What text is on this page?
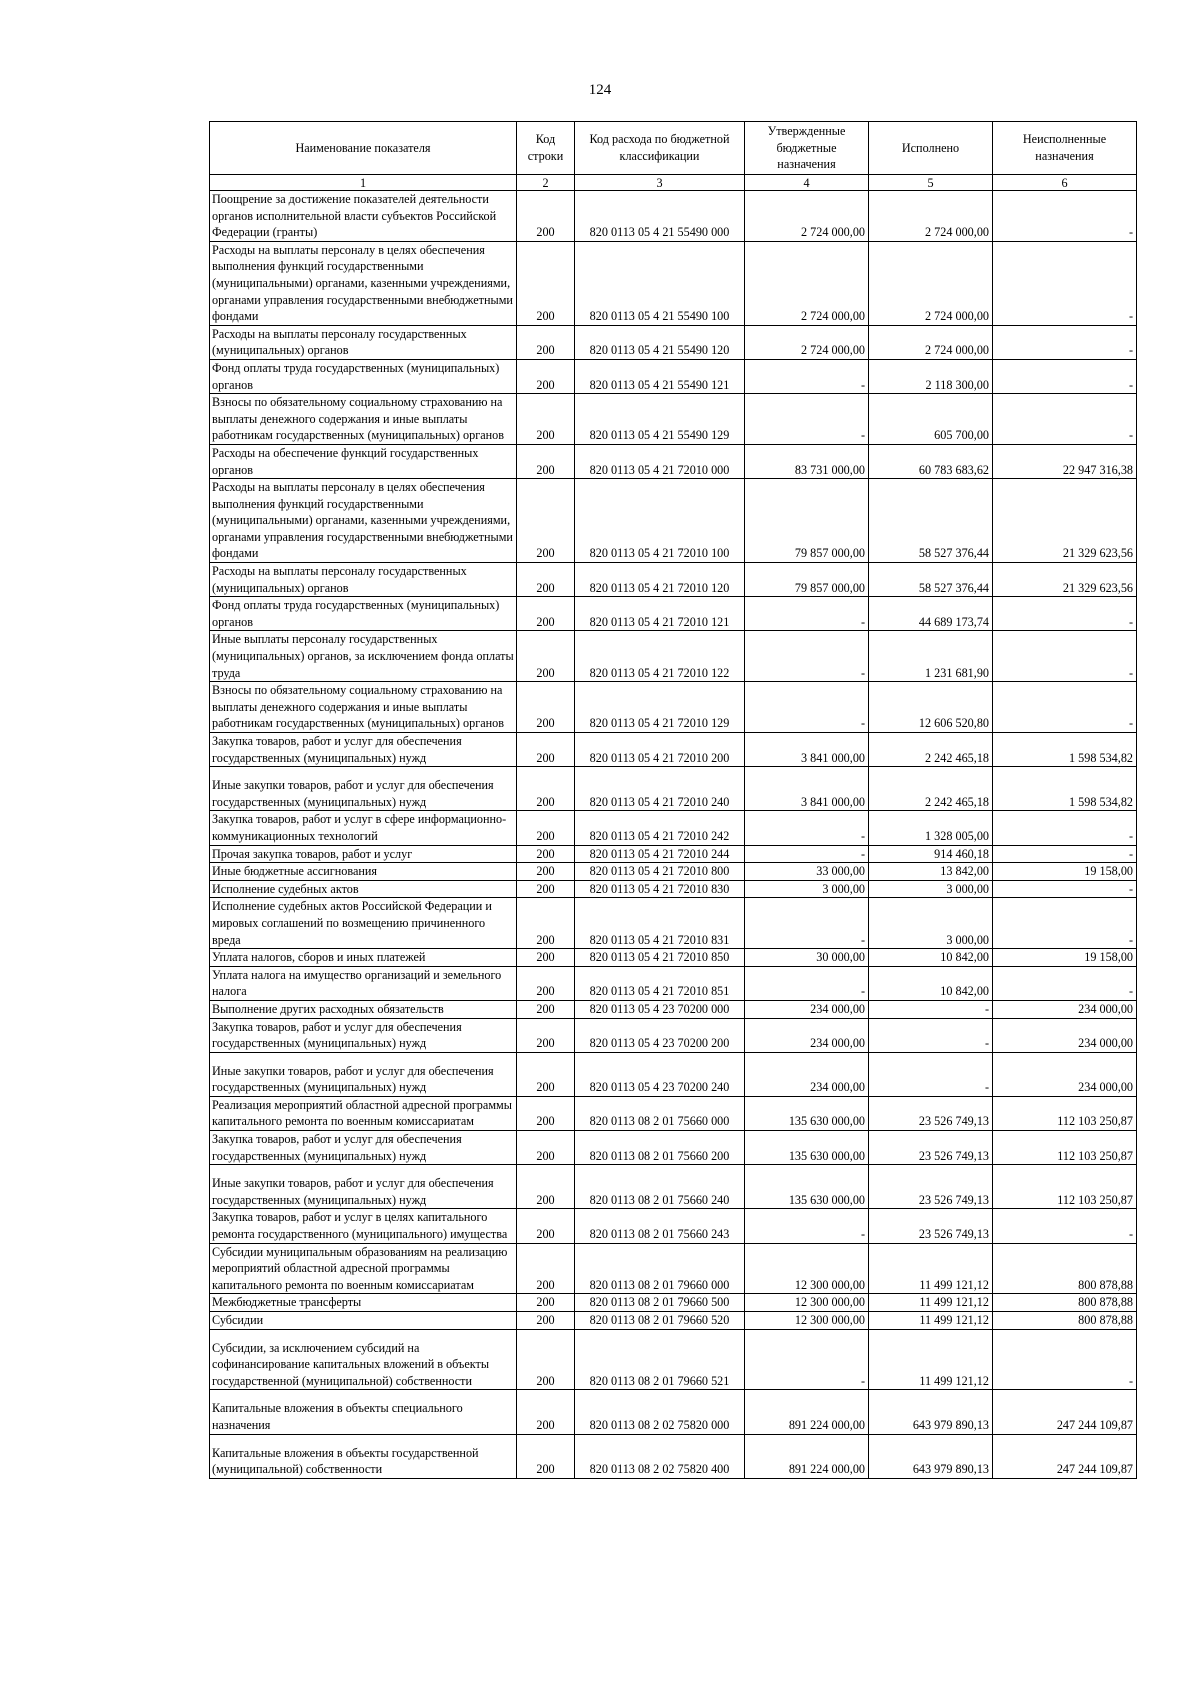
124
Наименование показателя	Код строки	Код расхода по бюджетной классификации	Утвержденные бюджетные назначения	Исполнено	Неисполненные назначения
1	2	3	4	5	6
Поощрение за достижение показателей деятельности органов исполнительной власти субъектов Российской Федерации (гранты)	200	820 0113 05 4 21 55490 000	2 724 000,00	2 724 000,00	-
Расходы на выплаты персоналу в целях обеспечения выполнения функций государственными (муниципальными) органами, казенными учреждениями, органами управления государственными внебюджетными фондами	200	820 0113 05 4 21 55490 100	2 724 000,00	2 724 000,00	-
Расходы на выплаты персоналу государственных (муниципальных) органов	200	820 0113 05 4 21 55490 120	2 724 000,00	2 724 000,00	-
Фонд оплаты труда государственных (муниципальных) органов	200	820 0113 05 4 21 55490 121	-	2 118 300,00	-
Взносы по обязательному социальному страхованию на выплаты денежного содержания и иные выплаты работникам государственных (муниципальных) органов	200	820 0113 05 4 21 55490 129	-	605 700,00	-
Расходы на обеспечение функций государственных органов	200	820 0113 05 4 21 72010 000	83 731 000,00	60 783 683,62	22 947 316,38
Расходы на выплаты персоналу в целях обеспечения выполнения функций государственными (муниципальными) органами, казенными учреждениями, органами управления государственными внебюджетными фондами	200	820 0113 05 4 21 72010 100	79 857 000,00	58 527 376,44	21 329 623,56
Расходы на выплаты персоналу государственных (муниципальных) органов	200	820 0113 05 4 21 72010 120	79 857 000,00	58 527 376,44	21 329 623,56
Фонд оплаты труда государственных (муниципальных) органов	200	820 0113 05 4 21 72010 121	-	44 689 173,74	-
Иные выплаты персоналу государственных (муниципальных) органов, за исключением фонда оплаты труда	200	820 0113 05 4 21 72010 122	-	1 231 681,90	-
Взносы по обязательному социальному страхованию на выплаты денежного содержания и иные выплаты работникам государственных (муниципальных) органов	200	820 0113 05 4 21 72010 129	-	12 606 520,80	-
Закупка товаров, работ и услуг для обеспечения государственных (муниципальных) нужд	200	820 0113 05 4 21 72010 200	3 841 000,00	2 242 465,18	1 598 534,82
Иные закупки товаров, работ и услуг для обеспечения государственных (муниципальных) нужд	200	820 0113 05 4 21 72010 240	3 841 000,00	2 242 465,18	1 598 534,82
Закупка товаров, работ и услуг в сфере информационно-коммуникационных технологий	200	820 0113 05 4 21 72010 242	-	1 328 005,00	-
Прочая закупка товаров, работ и услуг	200	820 0113 05 4 21 72010 244	-	914 460,18	-
Иные бюджетные ассигнования	200	820 0113 05 4 21 72010 800	33 000,00	13 842,00	19 158,00
Исполнение судебных актов	200	820 0113 05 4 21 72010 830	3 000,00	3 000,00	-
Исполнение судебных актов Российской Федерации и мировых соглашений по возмещению причиненного вреда	200	820 0113 05 4 21 72010 831	-	3 000,00	-
Уплата налогов, сборов и иных платежей	200	820 0113 05 4 21 72010 850	30 000,00	10 842,00	19 158,00
Уплата налога на имущество организаций и земельного налога	200	820 0113 05 4 21 72010 851	-	10 842,00	-
Выполнение других расходных обязательств	200	820 0113 05 4 23 70200 000	234 000,00	-	234 000,00
Закупка товаров, работ и услуг для обеспечения государственных (муниципальных) нужд	200	820 0113 05 4 23 70200 200	234 000,00	-	234 000,00
Иные закупки товаров, работ и услуг для обеспечения государственных (муниципальных) нужд	200	820 0113 05 4 23 70200 240	234 000,00	-	234 000,00
Реализация мероприятий областной адресной программы капитального ремонта по военным комиссариатам	200	820 0113 08 2 01 75660 000	135 630 000,00	23 526 749,13	112 103 250,87
Закупка товаров, работ и услуг для обеспечения государственных (муниципальных) нужд	200	820 0113 08 2 01 75660 200	135 630 000,00	23 526 749,13	112 103 250,87
Иные закупки товаров, работ и услуг для обеспечения государственных (муниципальных) нужд	200	820 0113 08 2 01 75660 240	135 630 000,00	23 526 749,13	112 103 250,87
Закупка товаров, работ и услуг в целях капитального ремонта государственного (муниципального) имущества	200	820 0113 08 2 01 75660 243	-	23 526 749,13	-
Субсидии муниципальным образованиям на реализацию мероприятий областной адресной программы капитального ремонта по военным комиссариатам	200	820 0113 08 2 01 79660 000	12 300 000,00	11 499 121,12	800 878,88
Межбюджетные трансферты	200	820 0113 08 2 01 79660 500	12 300 000,00	11 499 121,12	800 878,88
Субсидии	200	820 0113 08 2 01 79660 520	12 300 000,00	11 499 121,12	800 878,88
Субсидии, за исключением субсидий на софинансирование капитальных вложений в объекты государственной (муниципальной) собственности	200	820 0113 08 2 01 79660 521	-	11 499 121,12	-
Капитальные вложения в объекты специального назначения	200	820 0113 08 2 02 75820 000	891 224 000,00	643 979 890,13	247 244 109,87
Капитальные вложения в объекты государственной (муниципальной) собственности	200	820 0113 08 2 02 75820 400	891 224 000,00	643 979 890,13	247 244 109,87
